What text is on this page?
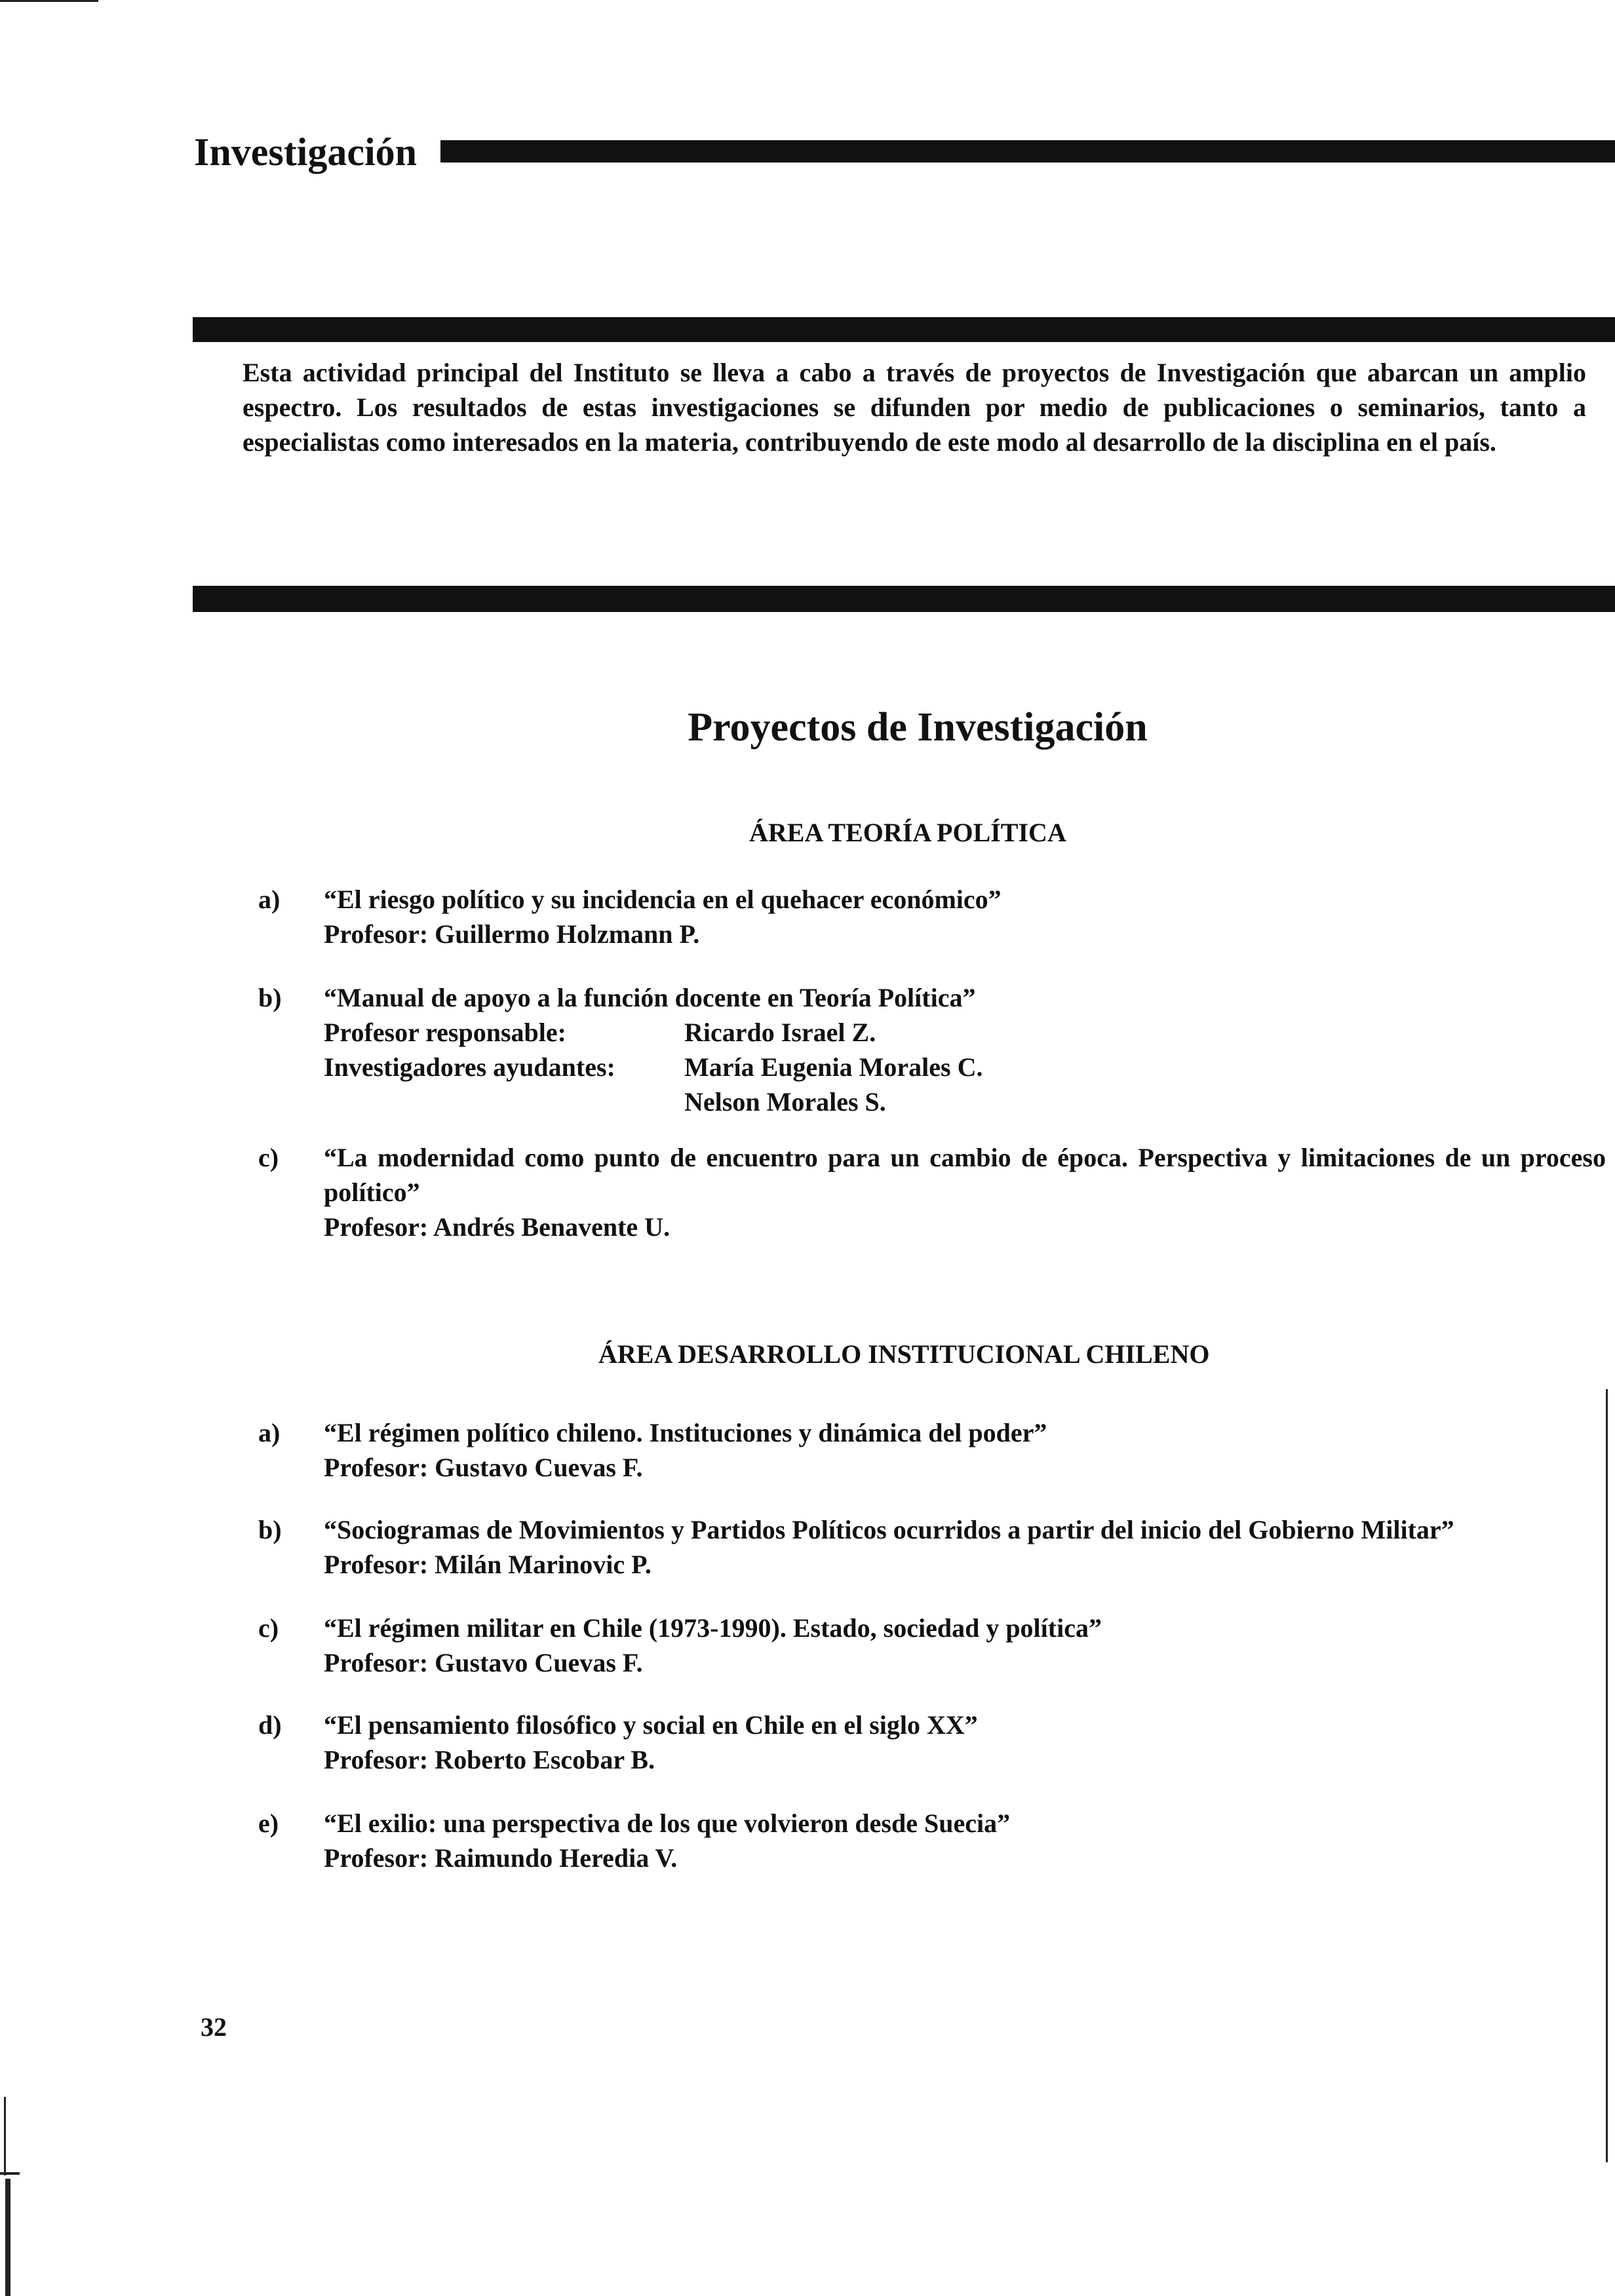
Investigación
Esta actividad principal del Instituto se lleva a cabo a través de proyectos de Investigación que abarcan un amplio espectro. Los resultados de estas investigaciones se difunden por medio de publicaciones o seminarios, tanto a especialistas como interesados en la materia, contribuyendo de este modo al desarrollo de la disciplina en el país.
Proyectos de Investigación
ÁREA TEORÍA POLÍTICA
a) “El riesgo político y su incidencia en el quehacer económico”
Profesor: Guillermo Holzmann P.
b) “Manual de apoyo a la función docente en Teoría Política”
Profesor responsable:	Ricardo Israel Z.
Investigadores ayudantes:	María Eugenia Morales C.
Nelson Morales S.
c) “La modernidad como punto de encuentro para un cambio de época. Perspectiva y limitaciones de un proceso político”
Profesor: Andrés Benavente U.
ÁREA DESARROLLO INSTITUCIONAL CHILENO
a) “El régimen político chileno. Instituciones y dinámica del poder”
Profesor: Gustavo Cuevas F.
b) “Sociogramas de Movimientos y Partidos Políticos ocurridos a partir del inicio del Gobierno Militar”
Profesor: Milán Marinovic P.
c) “El régimen militar en Chile (1973-1990). Estado, sociedad y política”
Profesor: Gustavo Cuevas F.
d) “El pensamiento filosófico y social en Chile en el siglo XX”
Profesor: Roberto Escobar B.
e) “El exilio: una perspectiva de los que volvieron desde Suecia”
Profesor: Raimundo Heredia V.
32
